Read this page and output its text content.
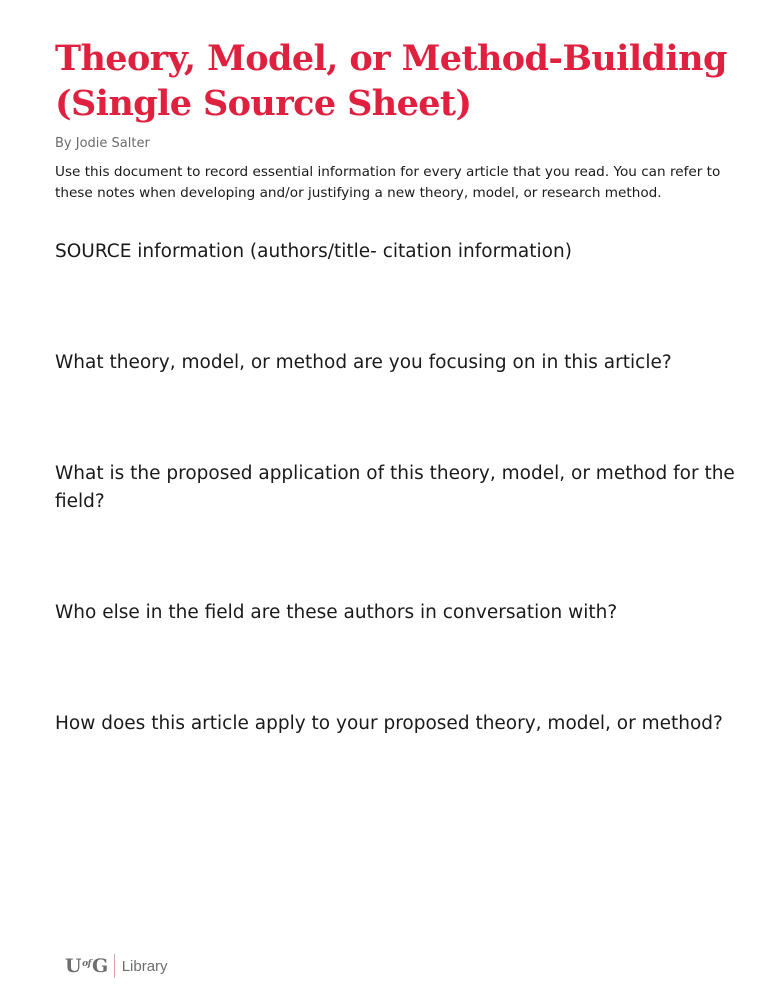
Theory, Model, or Method-Building (Single Source Sheet)

By Jodie Salter

Use this document to record essential information for every article that you read. You can refer to these notes when developing and/or justifying a new theory, model, or research method.

SOURCE information (authors/title- citation information)

What theory, model, or method are you focusing on in this article?

What is the proposed application of this theory, model, or method for the field?

Who else in the field are these authors in conversation with?

How does this article apply to your proposed theory, model, or method?

U of G Library
